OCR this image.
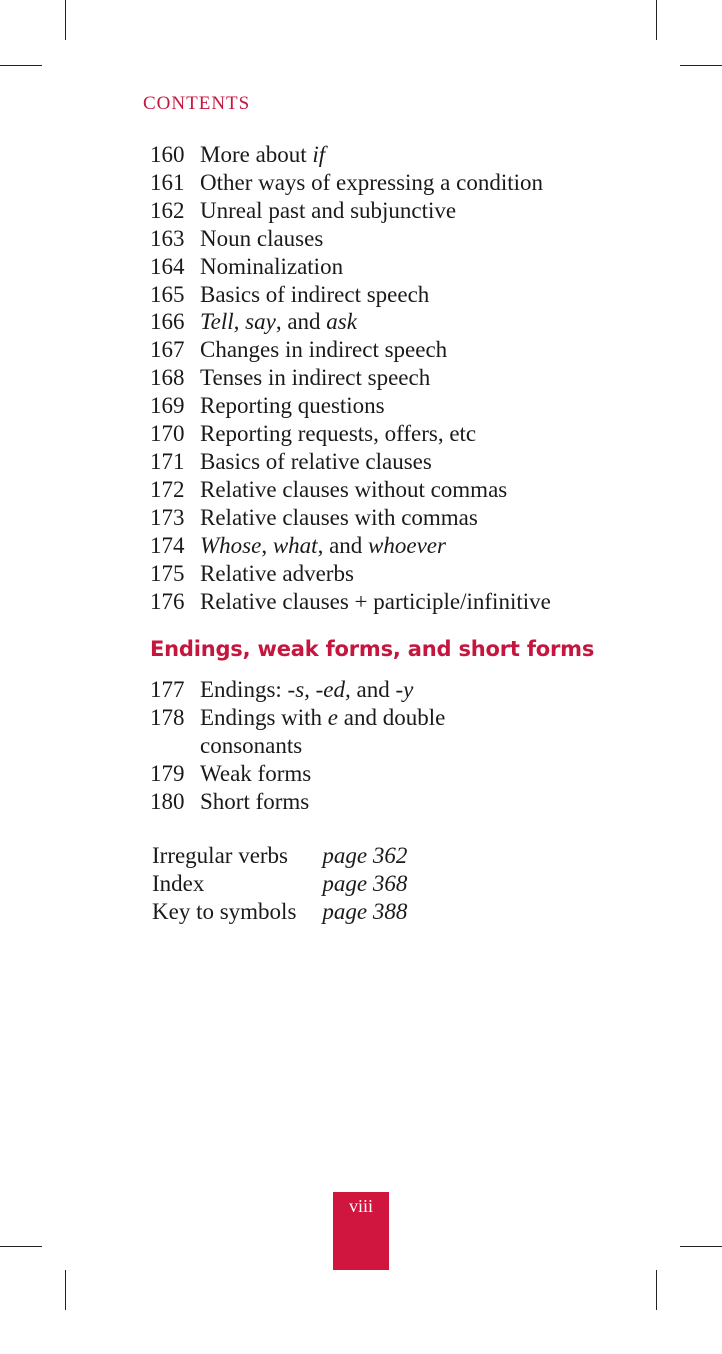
CONTENTS
160 More about if
161 Other ways of expressing a condition
162 Unreal past and subjunctive
163 Noun clauses
164 Nominalization
165 Basics of indirect speech
166 Tell, say, and ask
167 Changes in indirect speech
168 Tenses in indirect speech
169 Reporting questions
170 Reporting requests, offers, etc
171 Basics of relative clauses
172 Relative clauses without commas
173 Relative clauses with commas
174 Whose, what, and whoever
175 Relative adverbs
176 Relative clauses + participle/infinitive
Endings, weak forms, and short forms
177 Endings: -s, -ed, and -y
178 Endings with e and double consonants
179 Weak forms
180 Short forms
Irregular verbs	page 362
Index	page 368
Key to symbols	page 388
viii
